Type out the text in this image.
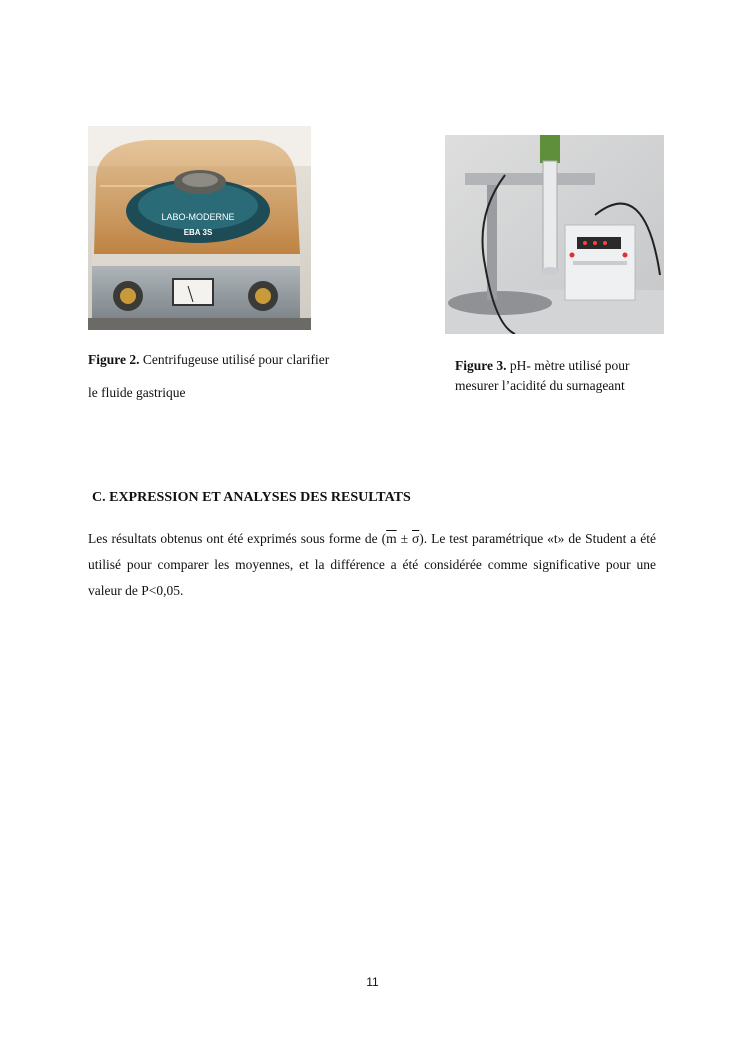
LABO-MODERNE
EBA 3S
Figure 2. Centrifugeuse utilisé pour clarifier
le fluide gastrique
Figure 3. pH- mètre utilisé pour
mesurer l’acidité du surnageant
C. EXPRESSION ET ANALYSES DES RESULTATS
Les résultats obtenus ont été exprimés sous forme de $(\overline{m} \pm \overline{\sigma})$. Le test paramétrique «t» de Student a été utilisé pour comparer les moyennes, et la différence a été considérée comme significative pour une valeur de P<0,05.
11
